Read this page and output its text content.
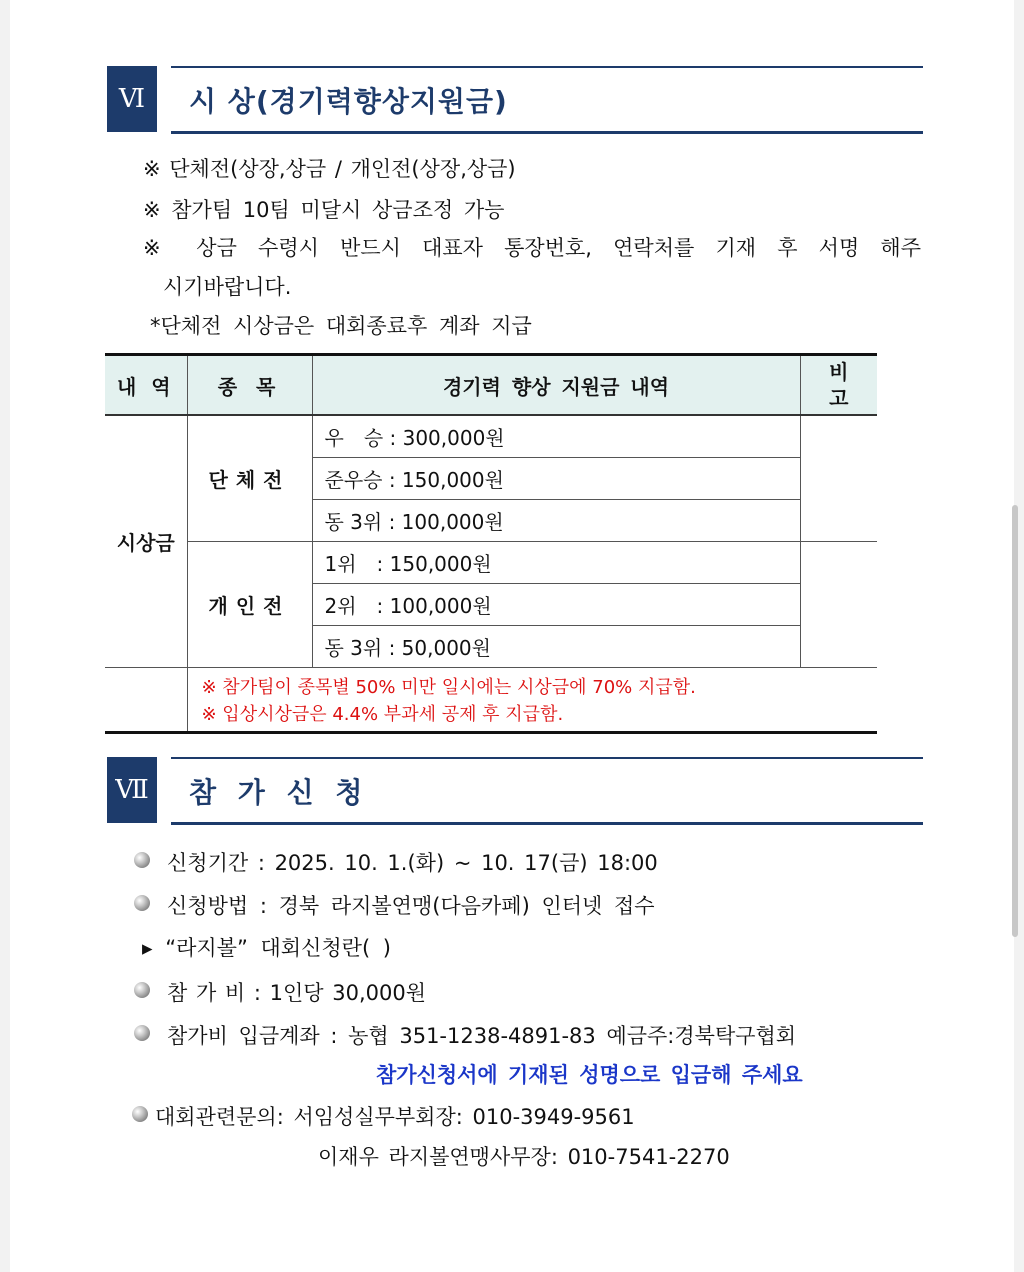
Ⅵ	시 상(경기력향상지원금)
※ 단체전(상장,상금 / 개인전(상장,상금)
※ 참가팀 10팀 미달시 상금조정 가능
※ 상금 수령시 반드시 대표자 통장번호, 연락처를 기재 후 서명 해주
시기바랍니다.
*단체전 시상금은 대회종료후 계좌 지급
내 역	종 목	경기력 향상 지원금 내역	비고

시상금	단체전	우　승 : 300,000원	
		준우승 : 150,000원	
		동 3위 : 100,000원	
	개인전	1위　: 150,000원	
		2위　: 100,000원	
		동 3위 : 50,000원	

	※ 참가팀이 종목별 50% 미만 일시에는 시상금에 70% 지급함.
※ 입상시상금은 4.4% 부과세 공제 후 지급함.		
Ⅶ 참 가 신 청
신청기간 : 2025. 10. 1.(화) ~ 10. 17(금) 18:00
신청방법 : 경북 라지볼연맹(다음카페) 인터넷 접수
▸ “라지볼” 대회신청란( )
참 가 비 : 1인당 30,000원
참가비 입금계좌 : 농협 351-1238-4891-83 예금주:경북탁구협회
참가신청서에 기재된 성명으로 입금해 주세요
대회관련문의: 서임성실무부회장: 010-3949-9561
이재우 라지볼연맹사무장: 010-7541-2270
